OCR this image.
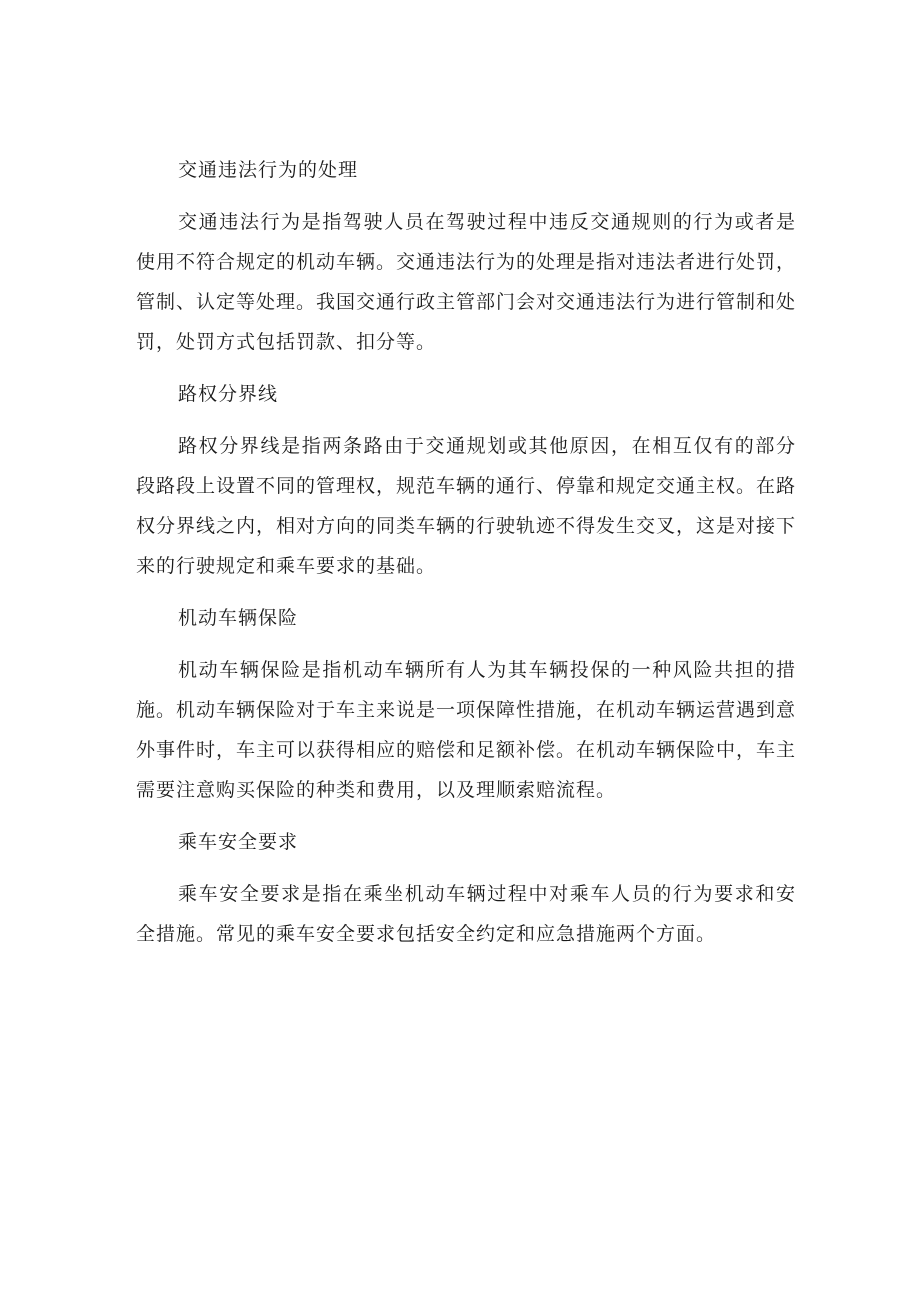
交通违法行为的处理

交通违法行为是指驾驶人员在驾驶过程中违反交通规则的行为或者是使用不符合规定的机动车辆。交通违法行为的处理是指对违法者进行处罚，管制、认定等处理。我国交通行政主管部门会对交通违法行为进行管制和处罚，处罚方式包括罚款、扣分等。

路权分界线

路权分界线是指两条路由于交通规划或其他原因，在相互仅有的部分段路段上设置不同的管理权，规范车辆的通行、停靠和规定交通主权。在路权分界线之内，相对方向的同类车辆的行驶轨迹不得发生交叉，这是对接下来的行驶规定和乘车要求的基础。

机动车辆保险

机动车辆保险是指机动车辆所有人为其车辆投保的一种风险共担的措施。机动车辆保险对于车主来说是一项保障性措施，在机动车辆运营遇到意外事件时，车主可以获得相应的赔偿和足额补偿。在机动车辆保险中，车主需要注意购买保险的种类和费用，以及理顺索赔流程。

乘车安全要求

乘车安全要求是指在乘坐机动车辆过程中对乘车人员的行为要求和安全措施。常见的乘车安全要求包括安全约定和应急措施两个方面。
